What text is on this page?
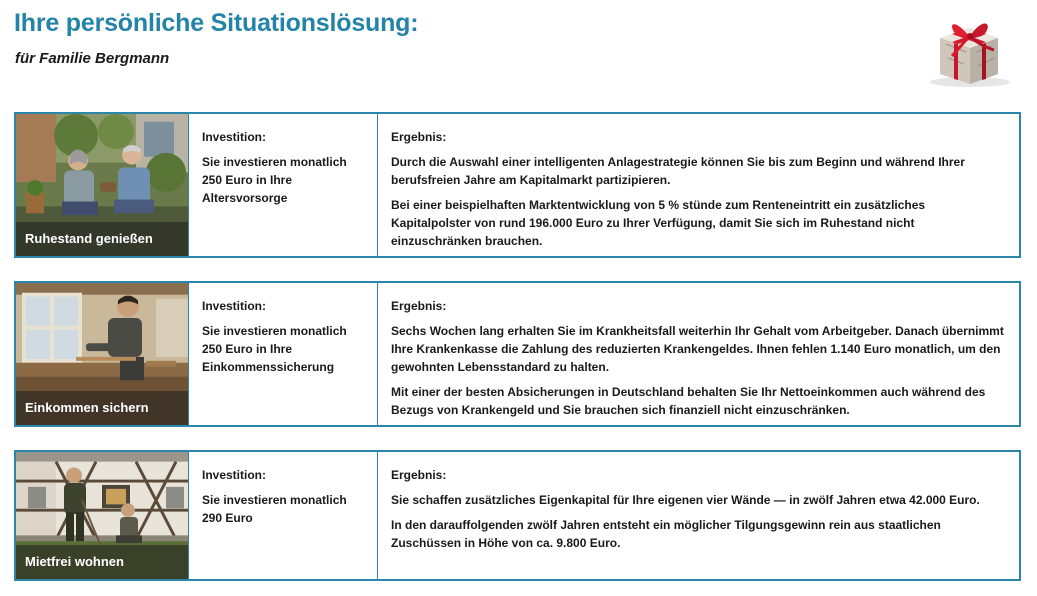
Ihre persönliche Situationslösung:

für Familie Bergmann

Ruhestand genießen

Investition:

Sie investieren monatlich
250 Euro in Ihre
Altersvorsorge

Ergebnis:

Durch die Auswahl einer intelligenten Anlagestrategie können Sie bis zum Beginn und während Ihrer berufsfreien Jahre am Kapitalmarkt partizipieren.

Bei einer beispielhaften Marktentwicklung von 5 % stünde zum Renteneintritt ein zusätzliches Kapitalpolster von rund 196.000 Euro zu Ihrer Verfügung, damit Sie sich im Ruhestand nicht einzuschränken brauchen.

Einkommen sichern

Investition:

Sie investieren monatlich
250 Euro in Ihre
Einkommenssicherung

Ergebnis:

Sechs Wochen lang erhalten Sie im Krankheitsfall weiterhin Ihr Gehalt vom Arbeitgeber. Danach übernimmt Ihre Krankenkasse die Zahlung des reduzierten Krankengeldes. Ihnen fehlen 1.140 Euro monatlich, um den gewohnten Lebensstandard zu halten.

Mit einer der besten Absicherungen in Deutschland behalten Sie Ihr Nettoeinkommen auch während des Bezugs von Krankengeld und Sie brauchen sich finanziell nicht einzuschränken.

Mietfrei wohnen

Investition:

Sie investieren monatlich
290 Euro

Ergebnis:

Sie schaffen zusätzliches Eigenkapital für Ihre eigenen vier Wände — in zwölf Jahren etwa 42.000 Euro.

In den darauffolgenden zwölf Jahren entsteht ein möglicher Tilgungsgewinn rein aus staatlichen Zuschüssen in Höhe von ca. 9.800 Euro.
